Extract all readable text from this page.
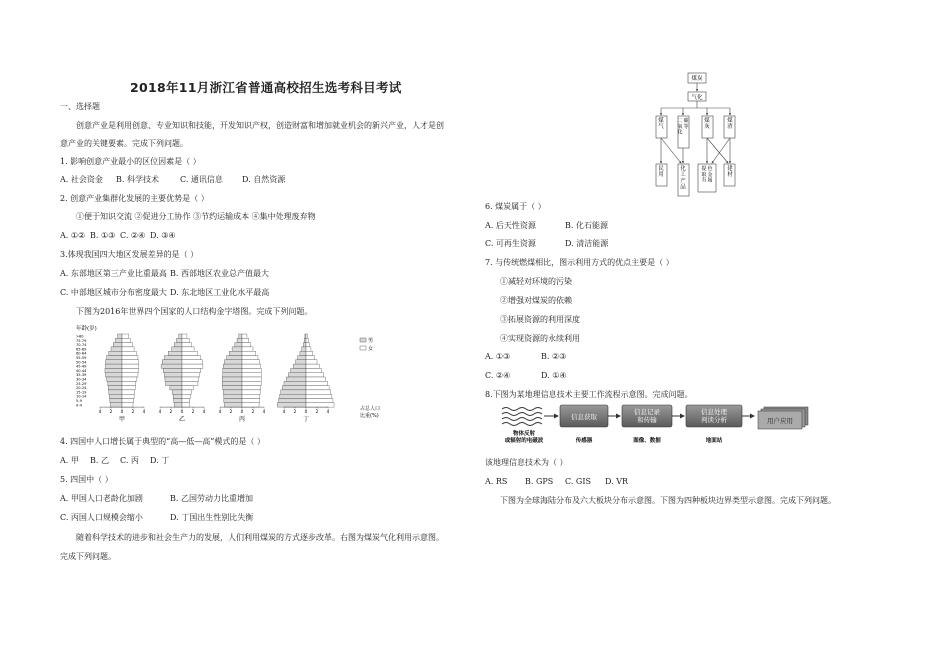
2018年11月浙江省普通高校招生选考科目考试
一、选择题
创意产业是利用创意、专业知识和技能，开发知识产权，创造财富和增加就业机会的新兴产业，人才是创
意产业的关键要素。完成下列问题。
1. 影响创意产业最小的区位因素是（ ）
A. 社会资金 B. 科学技术	C. 通讯信息 D. 自然资源
2. 创意产业集群化发展的主要优势是（ ）
①便于知识交流 ②促进分工协作 ③节约运输成本 ④集中处理废弃物
A. ①② B. ①③ C. ②④ D. ③④
3.体现我国四大地区发展差异的是（ ）
A. 东部地区第三产业比重最高 B. 西部地区农业总产值最大
C. 中部地区城市分布密度最大 D. 东北地区工业化水平最高
下图为2016年世界四个国家的人口结构金字塔图。完成下列问题。
年龄(岁)
>80
75-79
70-74
65-69
60-64
55-59
50-54
45-49
40-44
35-39
30-34
25-29
20-24
15-19
10-14
5-9
0-4
4 2 0 2 4
甲
4 2 0 2 4
乙
4 2 0 2 4
丙
4 2 0 2 4
丁
男
女
占总人口
比重(%)
4. 四国中人口增长属于典型的“高—低—高”模式的是（ ）
A. 甲 B. 乙 C. 丙 D. 丁
5. 四国中（ ）
A. 甲国人口老龄化加剧	B. 乙国劳动力比重增加
C. 丙国人口规模会缩小	D. 丁国出生性别比失衡
随着科学技术的进步和社会生产力的发展，人们利用煤炭的方式逐步改革。右图为煤炭气化利用示意图。
完成下列问题。
煤炭
气化
煤气
二氧化碳等
煤灰
煤渣
民用
化工产品
提取有色金属
建材
6. 煤炭属于（ ）
A. 后天性资源	B. 化石能源
C. 可再生资源	D. 清洁能源
7. 与传统燃煤相比，图示利用方式的优点主要是（ ）
①减轻对环境的污染
②增强对煤炭的依赖
③拓展资源的利用深度
④实现资源的永续利用
A. ①③	B. ②③
C. ②④	D. ①④
8.下图为某地理信息技术主要工作流程示意图。完成问题。
信息获取
信息记录和传输
信息处理判读分析	用户应用
物体反射或辐射的电磁波	传感器	图像、数据	地面站
该地理信息技术为（ ）
A. RS B. GPS C. GIS D. VR
下图为全球海陆分布及六大板块分布示意图。下图为四种板块边界类型示意图。完成下列问题。
